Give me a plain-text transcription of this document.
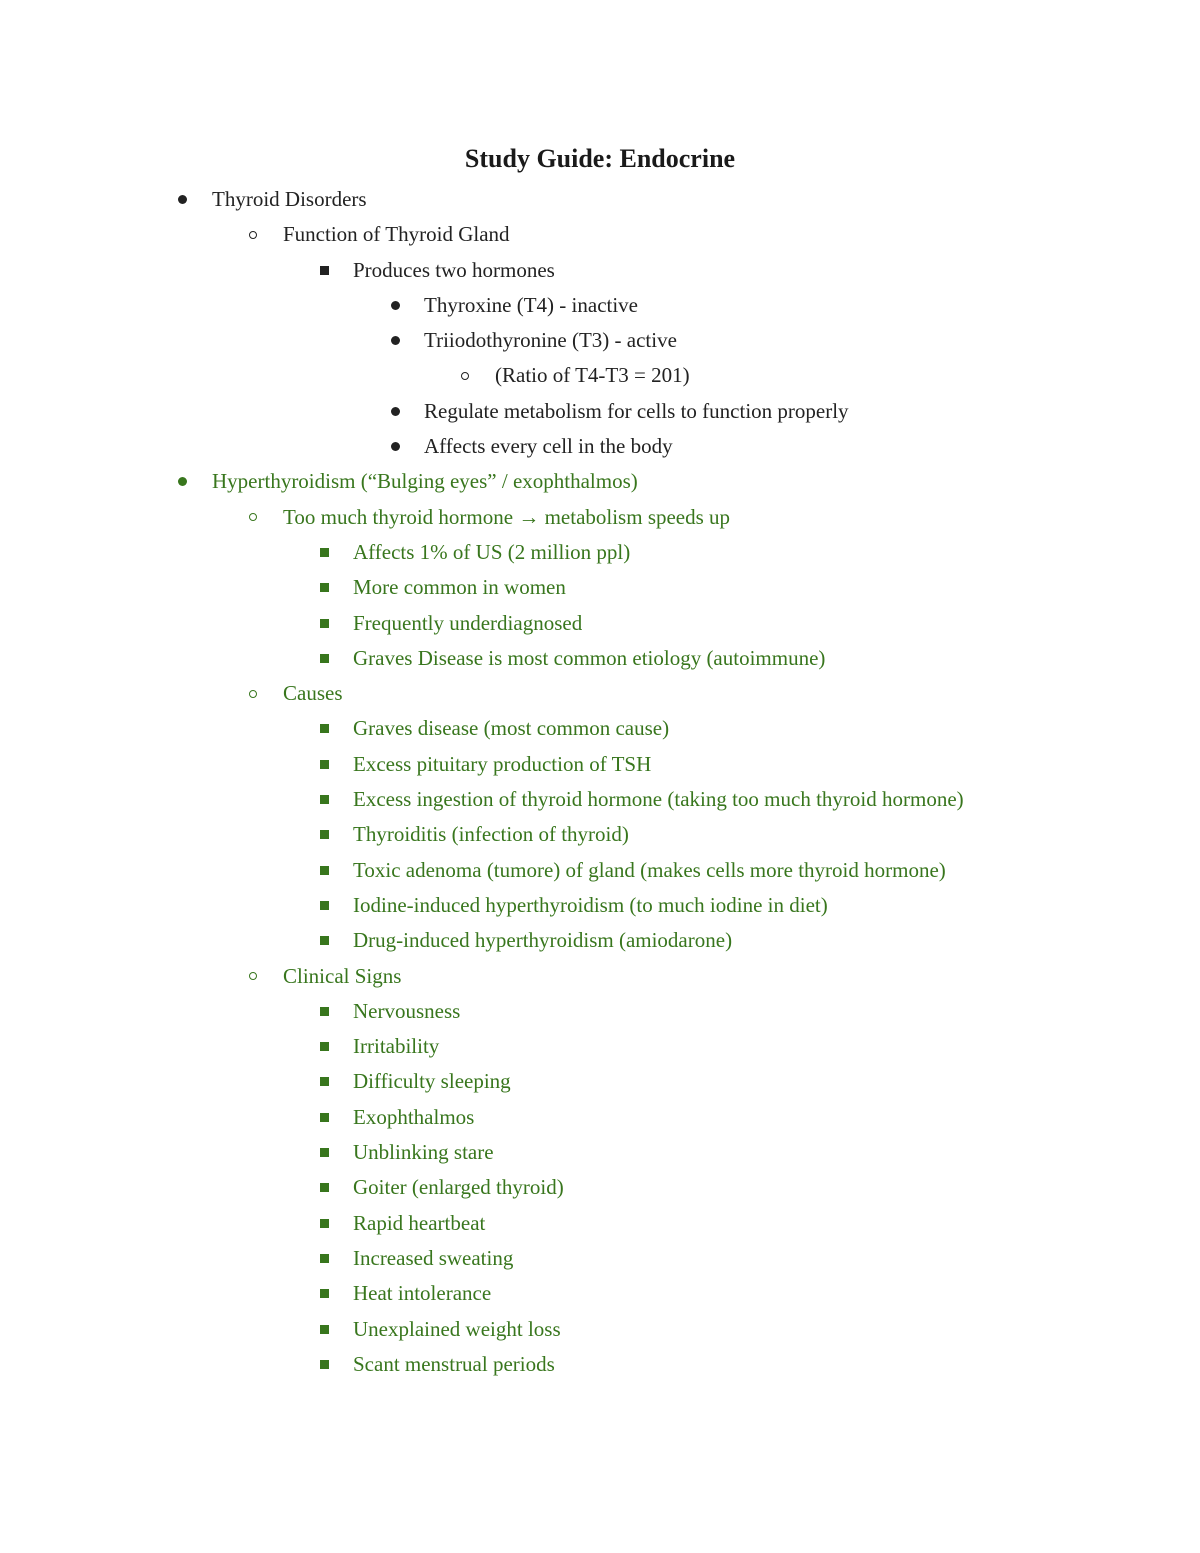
Study Guide: Endocrine
Thyroid Disorders
Function of Thyroid Gland
Produces two hormones
Thyroxine (T4) - inactive
Triiodothyronine (T3) - active
(Ratio of T4-T3 = 201)
Regulate metabolism for cells to function properly
Affects every cell in the body
Hyperthyroidism (“Bulging eyes” / exophthalmos)
Too much thyroid hormone → metabolism speeds up
Affects 1% of US (2 million ppl)
More common in women
Frequently underdiagnosed
Graves Disease is most common etiology (autoimmune)
Causes
Graves disease (most common cause)
Excess pituitary production of TSH
Excess ingestion of thyroid hormone (taking too much thyroid hormone)
Thyroiditis (infection of thyroid)
Toxic adenoma (tumore) of gland (makes cells more thyroid hormone)
Iodine-induced hyperthyroidism (to much iodine in diet)
Drug-induced hyperthyroidism (amiodarone)
Clinical Signs
Nervousness
Irritability
Difficulty sleeping
Exophthalmos
Unblinking stare
Goiter (enlarged thyroid)
Rapid heartbeat
Increased sweating
Heat intolerance
Unexplained weight loss
Scant menstrual periods
